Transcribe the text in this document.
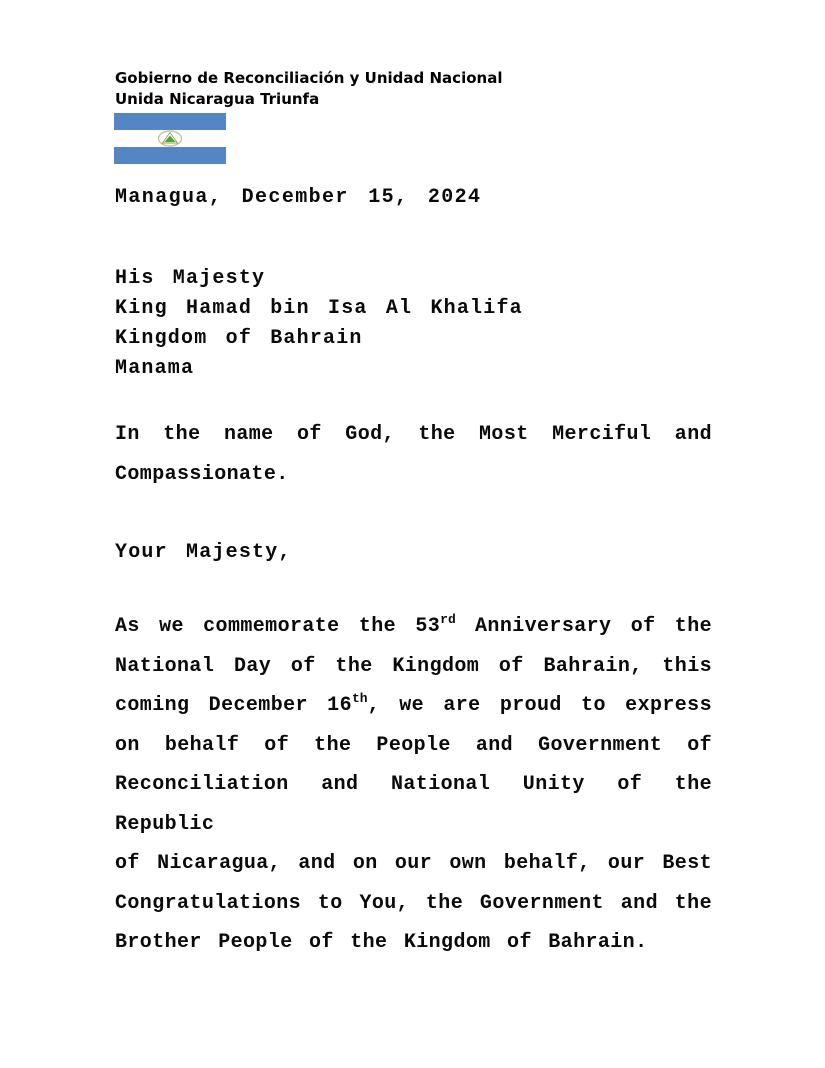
Gobierno de Reconciliación y Unidad Nacional
Unida Nicaragua Triunfa
Managua, December 15, 2024
His Majesty
King Hamad bin Isa Al Khalifa
Kingdom of Bahrain
Manama
In the name of God, the Most Merciful and
Compassionate.
Your Majesty,
As we commemorate the 53rd Anniversary of the
National Day of the Kingdom of Bahrain, this
coming December 16th, we are proud to express
on behalf of the People and Government of
Reconciliation and National Unity of the Republic
of Nicaragua, and on our own behalf, our Best
Congratulations to You, the Government and the
Brother People of the Kingdom of Bahrain.
